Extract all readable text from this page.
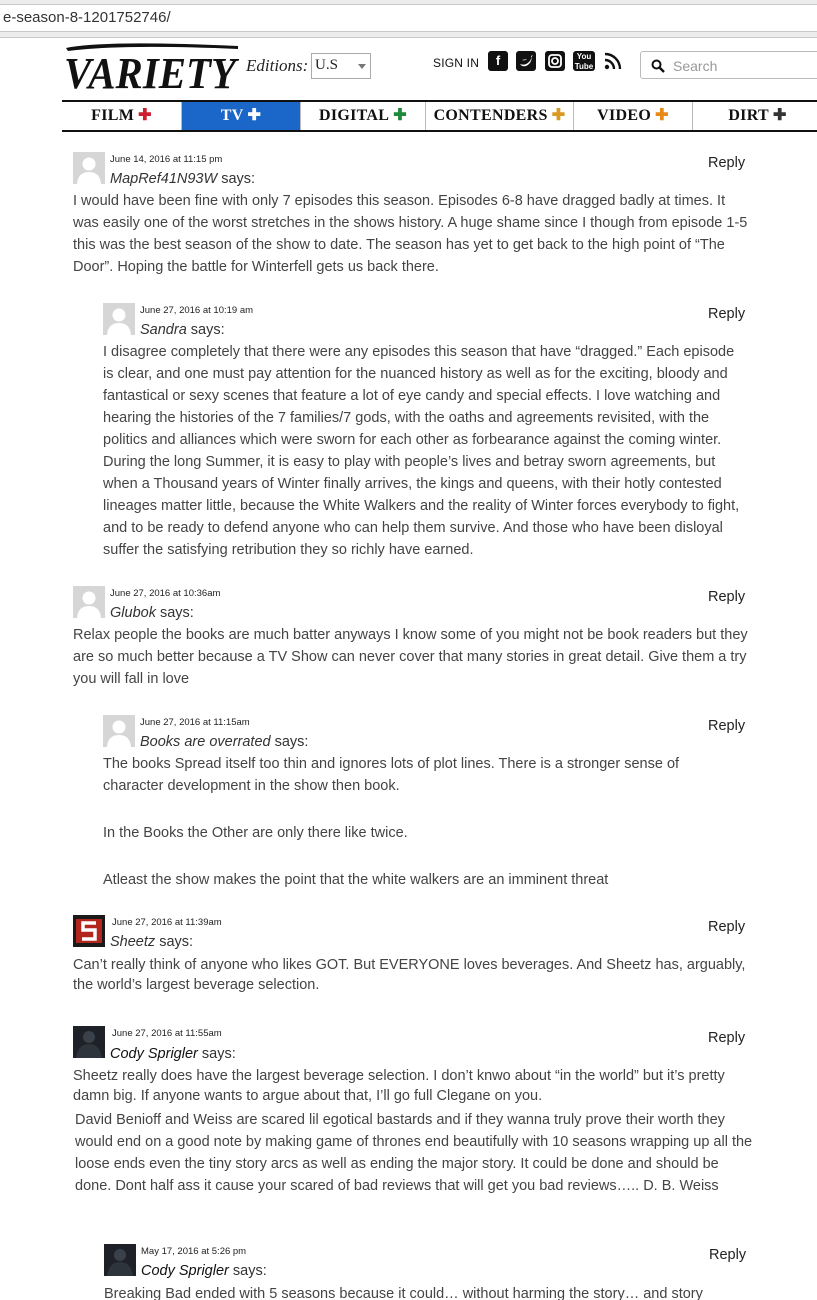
e-season-8-1201752746/
VARIETY Editions: U.S	SIGN IN	f	You
Tube	Search
FILM ✚	TV ✚	DIGITAL ✚	CONTENDERS ✚	VIDEO ✚	DIRT ✚
June 14, 2016 at 11:15 pm
MapRef41N93W says:
Reply

I would have been fine with only 7 episodes this season. Episodes 6-8 have dragged badly at times. It was easily one of the worst stretches in the shows history. A huge shame since I though from episode 1-5 this was the best season of the show to date. The season has yet to get back to the high point of “The Door”. Hoping the battle for Winterfell gets us back there.

June 27, 2016 at 10:19 am
Sandra says:
Reply

I disagree completely that there were any episodes this season that have “dragged.” Each episode is clear, and one must pay attention for the nuanced history as well as for the exciting, bloody and fantastical or sexy scenes that feature a lot of eye candy and special effects. I love watching and hearing the histories of the 7 families/7 gods, with the oaths and agreements revisited, with the politics and alliances which were sworn for each other as forbearance against the coming winter. During the long Summer, it is easy to play with people’s lives and betray sworn agreements, but when a Thousand years of Winter finally arrives, the kings and queens, with their hotly contested lineages matter little, because the White Walkers and the reality of Winter forces everybody to fight, and to be ready to defend anyone who can help them survive. And those who have been disloyal suffer the satisfying retribution they so richly have earned.

June 27, 2016 at 10:36am
Glubok says:
Reply

Relax people the books are much batter anyways I know some of you might not be book readers but they are so much better because a TV Show can never cover that many stories in great detail. Give them a try you will fall in love

June 27, 2016 at 11:15am
Books are overrated says:
Reply

The books Spread itself too thin and ignores lots of plot lines. There is a stronger sense of character development in the show then book.

In the Books the Other are only there like twice.

Atleast the show makes the point that the white walkers are an imminent threat

June 27, 2016 at 11:39am
Sheetz says:
Reply

Can’t really think of anyone who likes GOT. But EVERYONE loves beverages. And Sheetz has, arguably, the world’s largest beverage selection.

June 27, 2016 at 11:55am
Cody Sprigler says:
Reply

Sheetz really does have the largest beverage selection. I don’t knwo about “in the world” but it’s pretty damn big. If anyone wants to argue about that, I’ll go full Clegane on you.

David Benioff and Weiss are scared lil egotical bastards and if they wanna truly prove their worth they would end on a good note by making game of thrones end beautifully with 10 seasons wrapping up all the loose ends even the tiny story arcs as well as ending the major story. It could be done and should be done. Dont half ass it cause your scared of bad reviews that will get you bad reviews….. D. B. Weiss

May 17, 2016 at 5:26 pm
Cody Sprigler says:
Reply

Breaking Bad ended with 5 seasons because it could… without harming the story… and story
